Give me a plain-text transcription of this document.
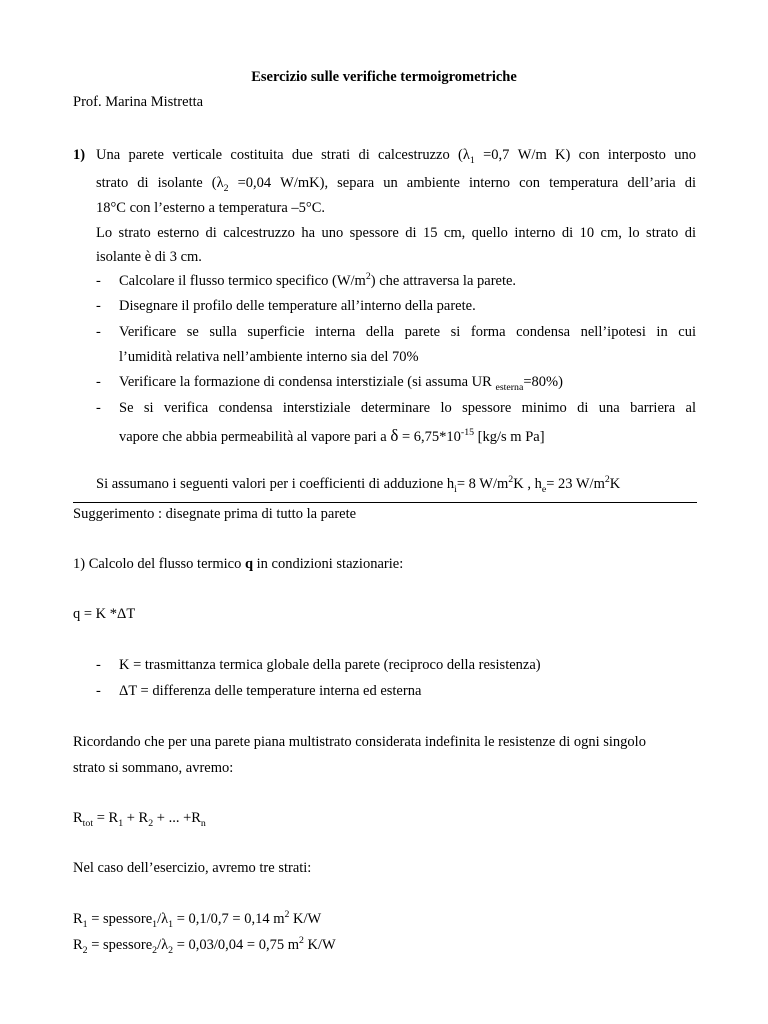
Esercizio sulle verifiche termoigrometriche
Prof. Marina Mistretta
1) Una parete verticale costituita due strati di calcestruzzo ($\lambda_1 =0,7$ W/m K) con interposto uno
strato di isolante ($\lambda_2 =0,04$ W/mK), separa un ambiente interno con temperatura dell’aria di
18°C con l’esterno a temperatura –5°C.
Lo strato esterno di calcestruzzo ha uno spessore di 15 cm, quello interno di 10 cm, lo strato di
isolante è di 3 cm.
- Calcolare il flusso termico specifico $(W/m^2)$ che attraversa la parete.
- Disegnare il profilo delle temperature all’interno della parete.
- Verificare se sulla superficie interna della parete si forma condensa nell’ipotesi in cui
l’umidità relativa nell’ambiente interno sia del 70%
- Verificare la formazione di condensa interstiziale (si assuma UR $_{esterna}$=80%)
- Se si verifica condensa interstiziale determinare lo spessore minimo di una barriera al
vapore che abbia permeabilità al vapore pari a $\delta = 6,75*10^{-15}$ [kg/s m Pa]
Si assumano i seguenti valori per i coefficienti di adduzione $h_i= 8$ $W/m^2K$ , $h_e= 23$ $W/m^2K$
Suggerimento : disegnate prima di tutto la parete
1) Calcolo del flusso termico q in condizioni stazionarie:
q = K *ΔT
- K = trasmittanza termica globale della parete (reciproco della resistenza)
- ΔT = differenza delle temperature interna ed esterna
Ricordando che per una parete piana multistrato considerata indefinita le resistenze di ogni singolo
strato si sommano, avremo:
$R_{tot} = R_1 + R_2$ + ... $+R_n$
Nel caso dell’esercizio, avremo tre strati:
$R_1$ = $spessore_1/\lambda_1 = 0,1/0,7 = 0,14$ $m^2$ K/W
$R_2$ = $spessore_2/\lambda_2 = 0,03/0,04 = 0,75$ $m^2$ K/W
